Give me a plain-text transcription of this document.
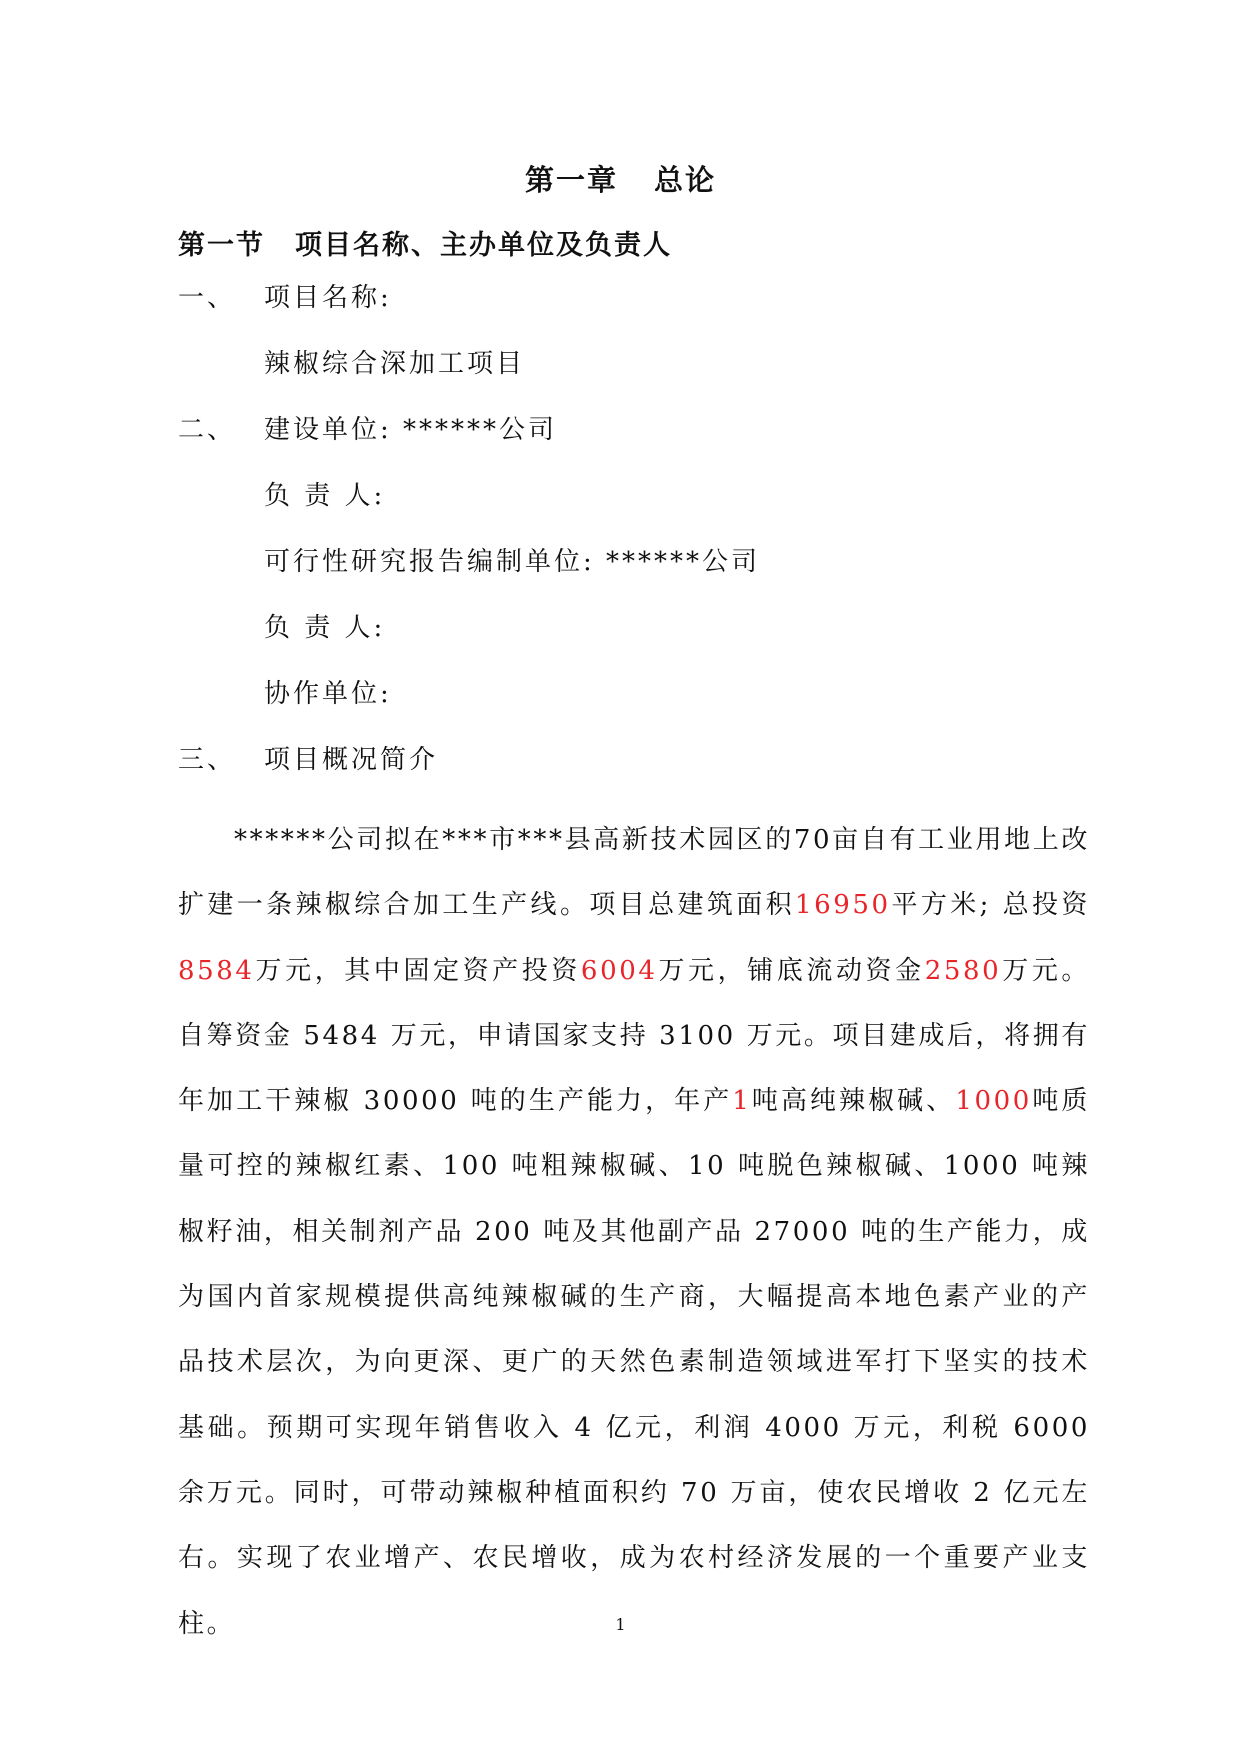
第一章 总论
第一节 项目名称、主办单位及负责人

一、 项目名称:

辣椒综合深加工项目

二、 建设单位: ******公司

负 责 人:

可行性研究报告编制单位: ******公司

负 责 人:

协作单位:

三、 项目概况简介

******公司拟在***市***县高新技术园区的70亩自有工业用地上改扩建一条辣椒综合加工生产线。项目总建筑面积16950平方米; 总投资8584万元，其中固定资产投资6004万元，铺底流动资金2580万元。自筹资金 5484 万元，申请国家支持 3100 万元。项目建成后，将拥有年加工干辣椒 30000 吨的生产能力，年产1吨高纯辣椒碱、1000吨质量可控的辣椒红素、100 吨粗辣椒碱、10 吨脱色辣椒碱、1000 吨辣椒籽油，相关制剂产品 200 吨及其他副产品 27000 吨的生产能力，成为国内首家规模提供高纯辣椒碱的生产商，大幅提高本地色素产业的产品技术层次，为向更深、更广的天然色素制造领域进军打下坚实的技术基础。预期可实现年销售收入 4 亿元，利润 4000 万元，利税 6000 余万元。同时，可带动辣椒种植面积约 70 万亩，使农民增收 2 亿元左右。实现了农业增产、农民增收，成为农村经济发展的一个重要产业支柱。	1
